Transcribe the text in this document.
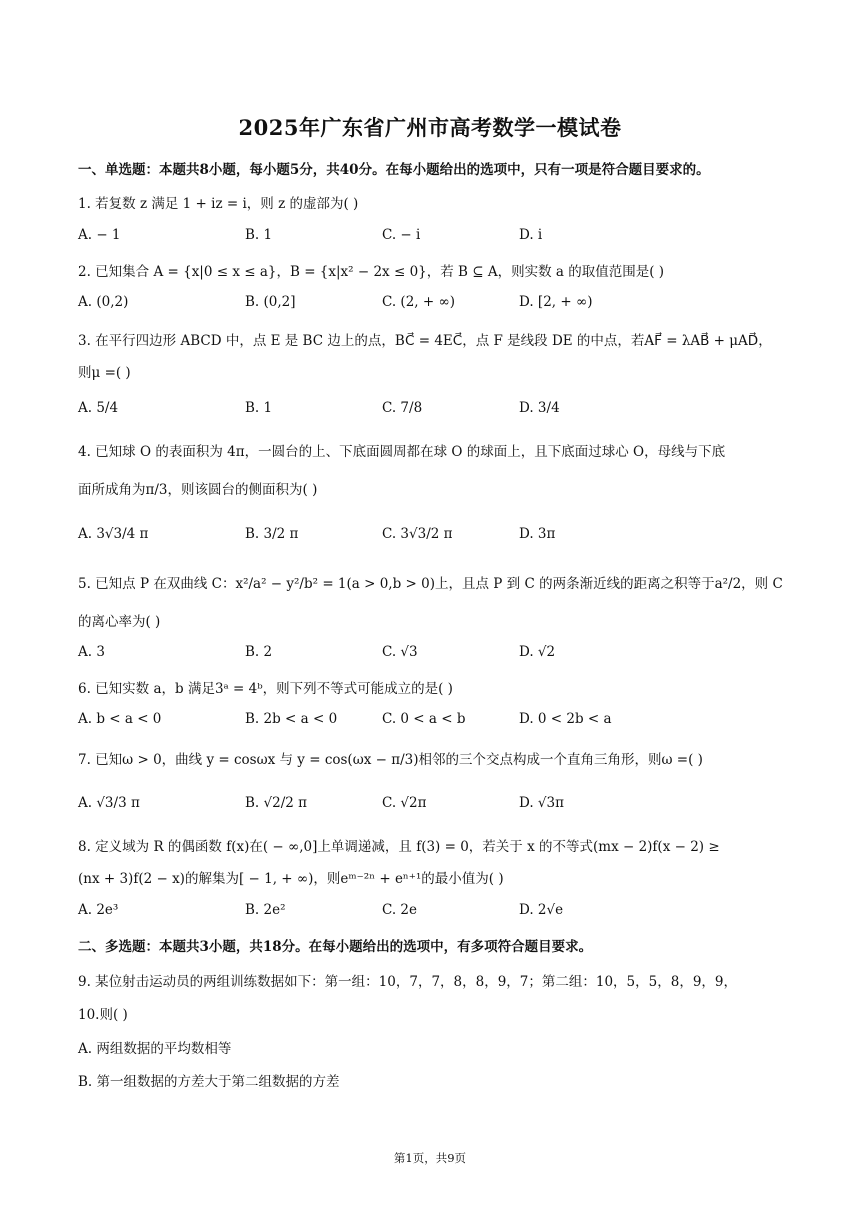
2025年广东省广州市高考数学一模试卷
一、单选题：本题共8小题，每小题5分，共40分。在每小题给出的选项中，只有一项是符合题目要求的。
1. 若复数 z 满足 1 + iz = i，则 z 的虚部为( )
A. − 1	B. 1	C. − i	D. i
2. 已知集合 A = {x|0 ≤ x ≤ a}，B = {x|x² − 2x ≤ 0}，若 B ⊆ A，则实数 a 的取值范围是( )
A. (0,2)	B. (0,2]	C. (2, + ∞)	D. [2, + ∞)
3. 在平行四边形 ABCD 中，点 E 是 BC 边上的点，BC⃗ = 4EC⃗，点 F 是线段 DE 的中点，若AF⃗ = λAB⃗ + μAD⃗，
则μ =( )
A. 5/4	B. 1	C. 7/8	D. 3/4
4. 已知球 O 的表面积为 4π，一圆台的上、下底面圆周都在球 O 的球面上，且下底面过球心 O，母线与下底
面所成角为π/3，则该圆台的侧面积为( )
A. 3√3/4 π	B. 3/2 π	C. 3√3/2 π	D. 3π
5. 已知点 P 在双曲线 C：x²/a² − y²/b² = 1(a > 0,b > 0)上，且点 P 到 C 的两条渐近线的距离之积等于a²/2，则 C
的离心率为( )
A. 3	B. 2	C. √3	D. √2
6. 已知实数 a，b 满足3ᵃ = 4ᵇ，则下列不等式可能成立的是( )
A. b < a < 0	B. 2b < a < 0	C. 0 < a < b	D. 0 < 2b < a
7. 已知ω > 0，曲线 y = cosωx 与 y = cos(ωx − π/3)相邻的三个交点构成一个直角三角形，则ω =( )
A. √3/3 π	B. √2/2 π	C. √2π	D. √3π
8. 定义域为 R 的偶函数 f(x)在( − ∞,0]上单调递减，且 f(3) = 0，若关于 x 的不等式(mx − 2)f(x − 2) ≥
(nx + 3)f(2 − x)的解集为[ − 1, + ∞)，则eᵐ⁻²ⁿ + eⁿ⁺¹的最小值为( )
A. 2e³	B. 2e²	C. 2e	D. 2√e
二、多选题：本题共3小题，共18分。在每小题给出的选项中，有多项符合题目要求。
9. 某位射击运动员的两组训练数据如下：第一组：10，7，7，8，8，9，7；第二组：10，5，5，8，9，9，
10.则( )
A. 两组数据的平均数相等
B. 第一组数据的方差大于第二组数据的方差
第1页，共9页
